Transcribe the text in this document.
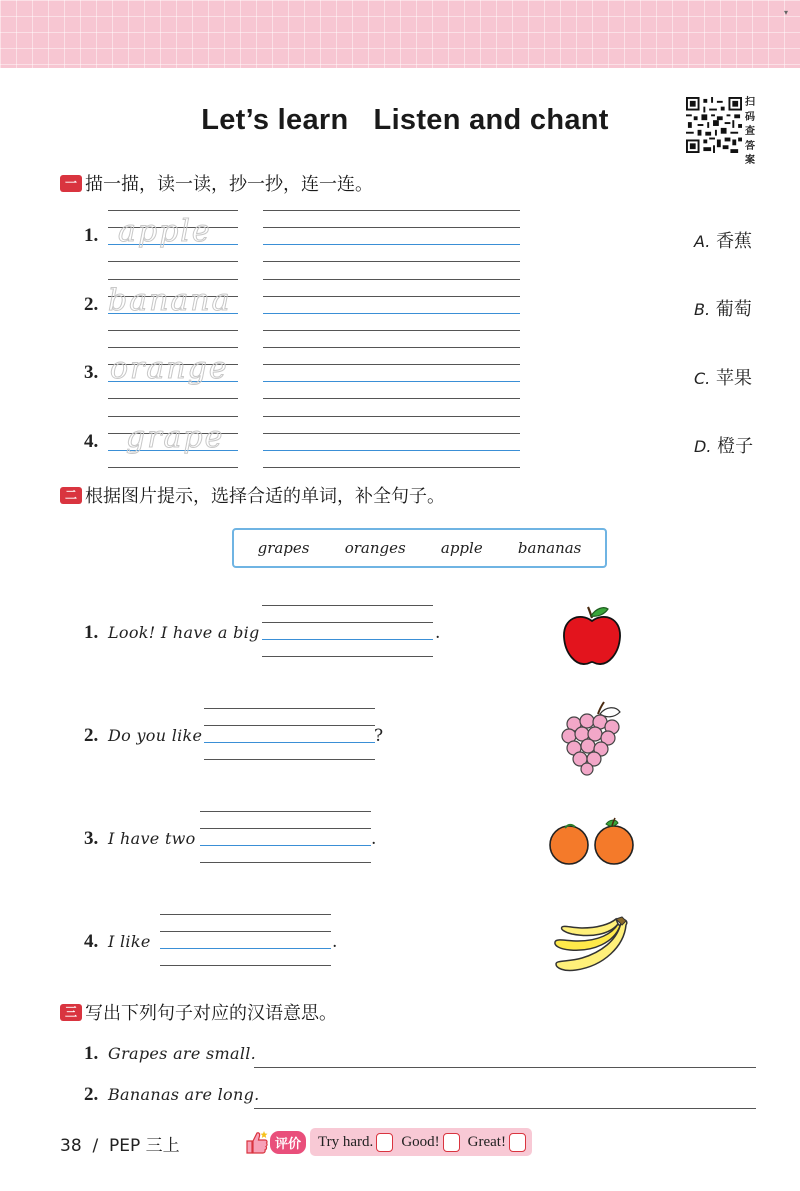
▾
Let’s learn   Listen and chant
扫
码
查
答
案
一 描一描，读一读，抄一抄，连一连。
1. apple
2. banana
3. orange
4. grape
A. 香蕉
B. 葡萄
C. 苹果
D. 橙子
二 根据图片提示，选择合适的单词，补全句子。
grapes oranges apple bananas
1. Look! I have a big	.
2. Do you like	?
3. I have two	.
4. I like	.
三 写出下列句子对应的汉语意思。
1. Grapes are small.
2. Bananas are long.
38  /  PEP 三上	评价	Try hard. Good! Great!
